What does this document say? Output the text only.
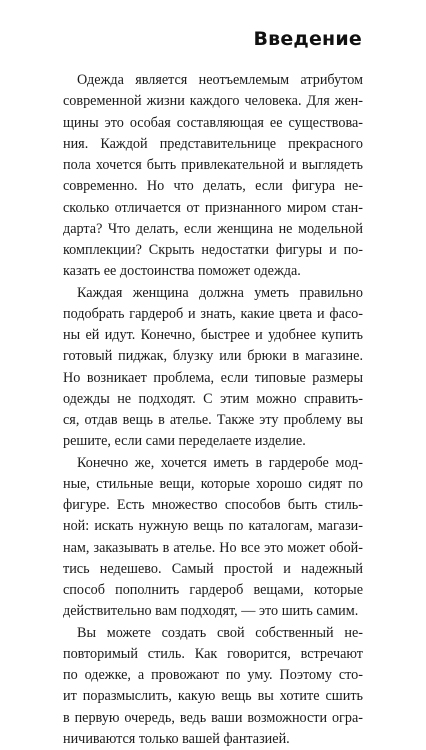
Введение
Одежда является неотъемлемым атрибутом
современной жизни каждого человека. Для жен-
щины это особая составляющая ее существова-
ния. Каждой представительнице прекрасного
пола хочется быть привлекательной и выглядеть
современно. Но что делать, если фигура не-
сколько отличается от признанного миром стан-
дарта? Что делать, если женщина не модельной
комплекции? Скрыть недостатки фигуры и по-
казать ее достоинства поможет одежда.
Каждая женщина должна уметь правильно
подобрать гардероб и знать, какие цвета и фасо-
ны ей идут. Конечно, быстрее и удобнее купить
готовый пиджак, блузку или брюки в магазине.
Но возникает проблема, если типовые размеры
одежды не подходят. С этим можно справить-
ся, отдав вещь в ателье. Также эту проблему вы
решите, если сами переделаете изделие.
Конечно же, хочется иметь в гардеробе мод-
ные, стильные вещи, которые хорошо сидят по
фигуре. Есть множество способов быть стиль-
ной: искать нужную вещь по каталогам, магази-
нам, заказывать в ателье. Но все это может обой-
тись недешево. Самый простой и надежный
способ пополнить гардероб вещами, которые
действительно вам подходят, — это шить самим.
Вы можете создать свой собственный не-
повторимый стиль. Как говорится, встречают
по одежке, а провожают по уму. Поэтому сто-
ит поразмыслить, какую вещь вы хотите сшить
в первую очередь, ведь ваши возможности огра-
ничиваются только вашей фантазией.
